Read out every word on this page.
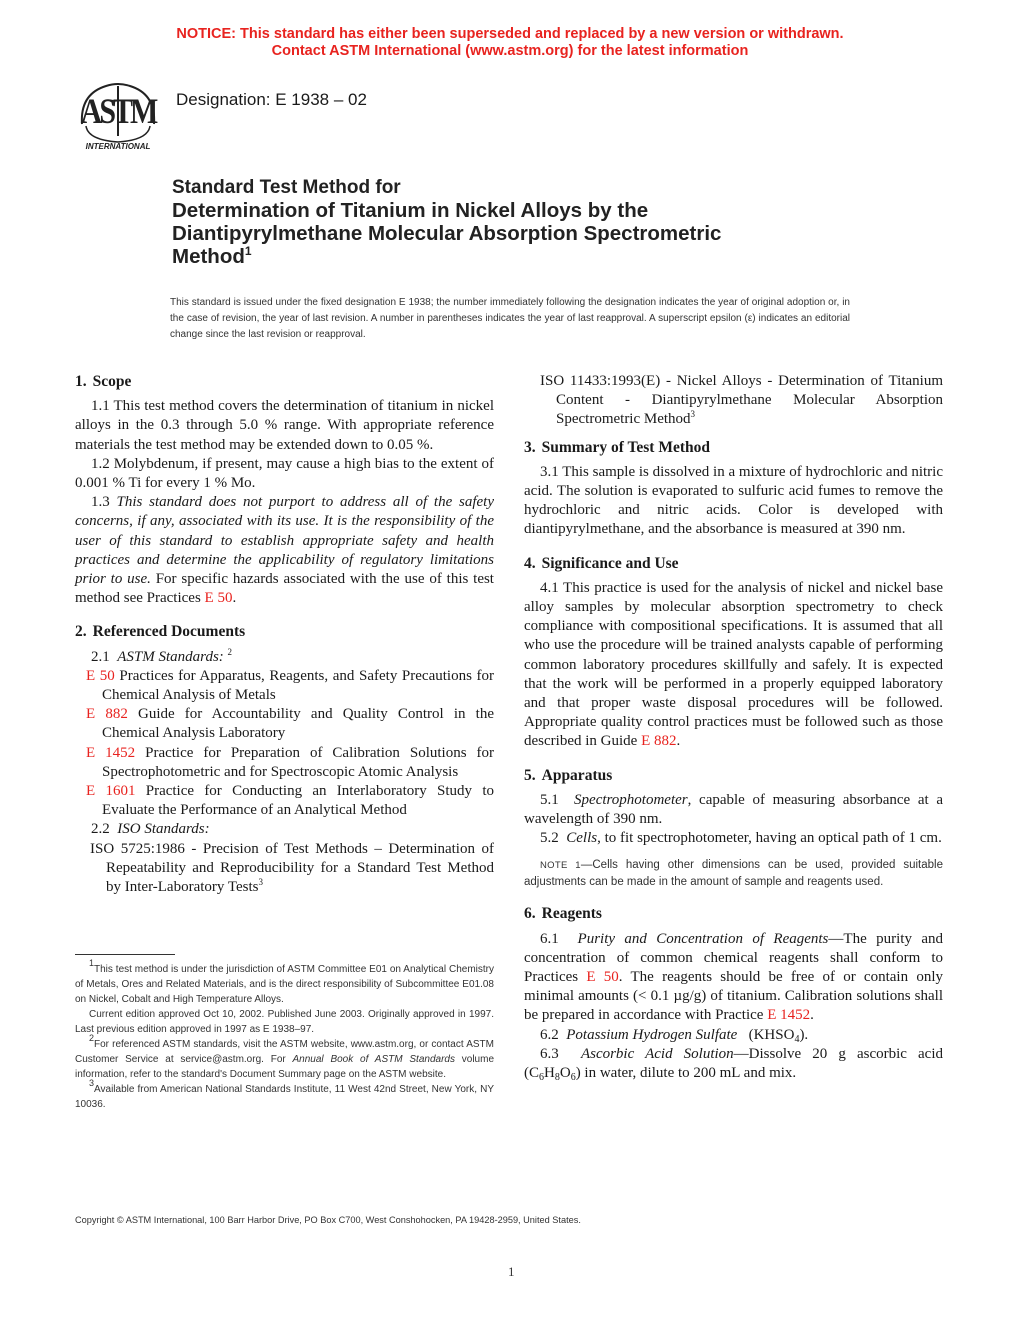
NOTICE: This standard has either been superseded and replaced by a new version or withdrawn.
Contact ASTM International (www.astm.org) for the latest information
ASTM
INTERNATIONAL
Designation: E 1938 – 02
Standard Test Method for
Determination of Titanium in Nickel Alloys by the
Diantipyrylmethane Molecular Absorption Spectrometric
Method$^1$
This standard is issued under the fixed designation E 1938; the number immediately following the designation indicates the year of original adoption or, in the case of revision, the year of last revision. A number in parentheses indicates the year of last reapproval. A superscript epsilon (ε) indicates an editorial change since the last revision or reapproval.
1. Scope

1.1 This test method covers the determination of titanium in nickel alloys in the 0.3 through 5.0 % range. With appropriate reference materials the test method may be extended down to 0.05 %.

1.2 Molybdenum, if present, may cause a high bias to the extent of 0.001 % Ti for every 1 % Mo.

1.3 This standard does not purport to address all of the safety concerns, if any, associated with its use. It is the responsibility of the user of this standard to establish appropriate safety and health practices and determine the applicability of regulatory limitations prior to use. For specific hazards associated with the use of this test method see Practices E 50.

2. Referenced Documents

2.1 ASTM Standards: $^2$

E 50 Practices for Apparatus, Reagents, and Safety Precautions for Chemical Analysis of Metals
E 882 Guide for Accountability and Quality Control in the Chemical Analysis Laboratory
E 1452 Practice for Preparation of Calibration Solutions for Spectrophotometric and for Spectroscopic Atomic Analysis
E 1601 Practice for Conducting an Interlaboratory Study to Evaluate the Performance of an Analytical Method

2.2 ISO Standards:

ISO 5725:1986 - Precision of Test Methods – Determination of Repeatability and Reproducibility for a Standard Test Method by Inter-Laboratory Tests$^3$
ISO 11433:1993(E) - Nickel Alloys - Determination of Titanium Content - Diantipyrylmethane Molecular Absorption Spectrometric Method$^3$
3. Summary of Test Method

3.1 This sample is dissolved in a mixture of hydrochloric and nitric acid. The solution is evaporated to sulfuric acid fumes to remove the hydrochloric and nitric acids. Color is developed with diantipyrylmethane, and the absorbance is measured at 390 nm.

4. Significance and Use

4.1 This practice is used for the analysis of nickel and nickel base alloy samples by molecular absorption spectrometry to check compliance with compositional specifications. It is assumed that all who use the procedure will be trained analysts capable of performing common laboratory procedures skillfully and safely. It is expected that the work will be performed in a properly equipped laboratory and that proper waste disposal procedures will be followed. Appropriate quality control practices must be followed such as those described in Guide E 882.

5. Apparatus

5.1 Spectrophotometer, capable of measuring absorbance at a wavelength of 390 nm.

5.2 Cells, to fit spectrophotometer, having an optical path of 1 cm.

NOTE 1—Cells having other dimensions can be used, provided suitable adjustments can be made in the amount of sample and reagents used.

6. Reagents

6.1 Purity and Concentration of Reagents—The purity and concentration of common chemical reagents shall conform to Practices E 50. The reagents should be free of or contain only minimal amounts (< 0.1 µg/g) of titanium. Calibration solutions shall be prepared in accordance with Practice E 1452.

6.2 Potassium Hydrogen Sulfate   $(KHSO_4)$.

6.3 Ascorbic Acid Solution—Dissolve 20 g ascorbic acid $(C_6H_8O_6)$ in water, dilute to 200 mL and mix.

$^1$This test method is under the jurisdiction of ASTM Committee E01 on Analytical Chemistry of Metals, Ores and Related Materials, and is the direct responsibility of Subcommittee E01.08 on Nickel, Cobalt and High Temperature Alloys.

Current edition approved Oct 10, 2002. Published June 2003. Originally approved in 1997. Last previous edition approved in 1997 as E 1938–97.

$^2$For referenced ASTM standards, visit the ASTM website, www.astm.org, or contact ASTM Customer Service at service@astm.org. For Annual Book of ASTM Standards volume information, refer to the standard's Document Summary page on the ASTM website.

$^3$Available from American National Standards Institute, 11 West 42nd Street, New York, NY 10036.

Copyright © ASTM International, 100 Barr Harbor Drive, PO Box C700, West Conshohocken, PA 19428-2959, United States.
1
